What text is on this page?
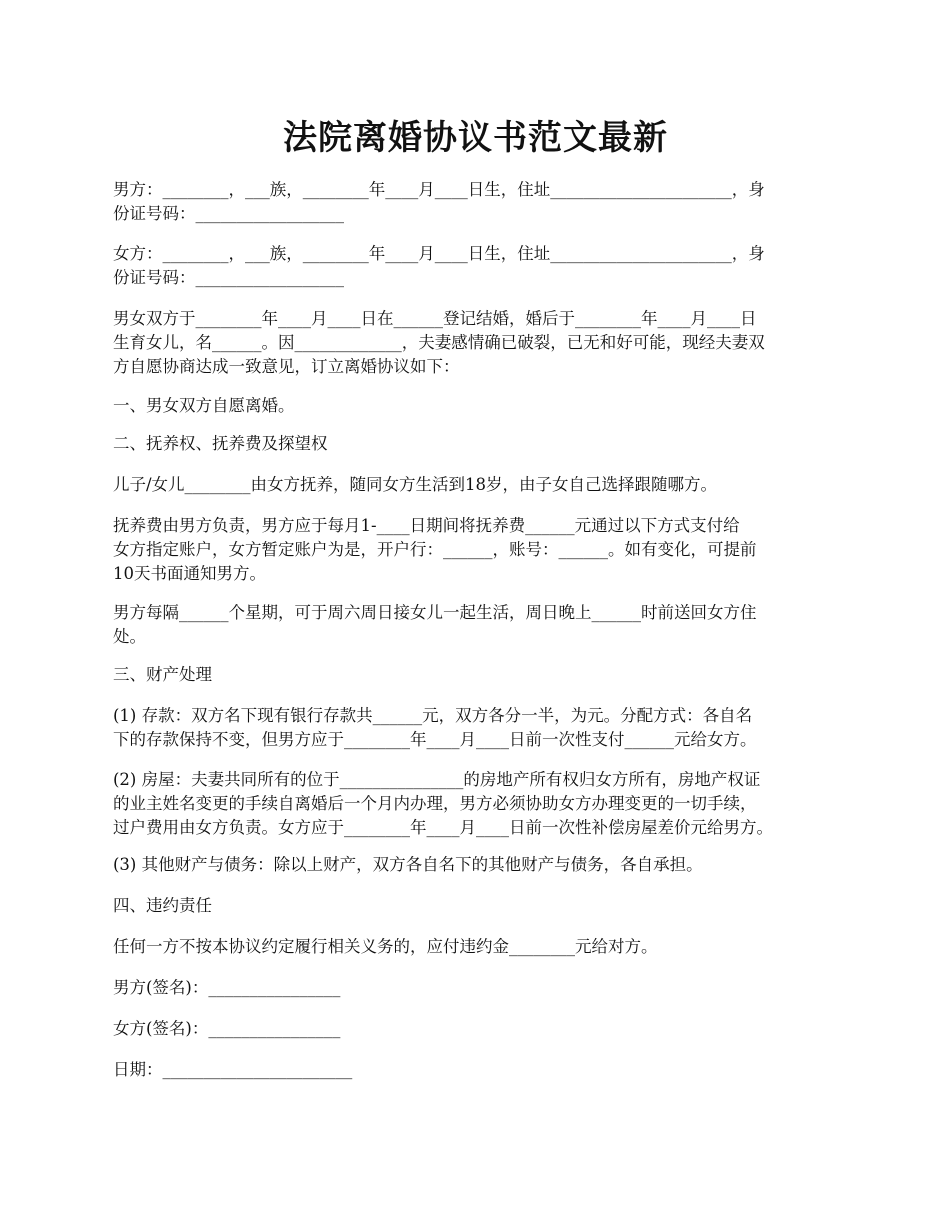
法院离婚协议书范文最新
男方：________，___族，________年____月____日生，住址______________________，身
份证号码：__________________
女方：________，___族，________年____月____日生，住址______________________，身
份证号码：__________________
男女双方于________年____月____日在______登记结婚，婚后于________年____月____日
生育女儿，名______。因_____________，夫妻感情确已破裂，已无和好可能，现经夫妻双
方自愿协商达成一致意见，订立离婚协议如下：
一、男女双方自愿离婚。
二、抚养权、抚养费及探望权
儿子/女儿________由女方抚养，随同女方生活到18岁，由子女自己选择跟随哪方。
抚养费由男方负责，男方应于每月1-____日期间将抚养费______元通过以下方式支付给
女方指定账户，女方暂定账户为是，开户行：______，账号：______。如有变化，可提前
10天书面通知男方。
男方每隔______个星期，可于周六周日接女儿一起生活，周日晚上______时前送回女方住
处。
三、财产处理
(1) 存款：双方名下现有银行存款共______元，双方各分一半，为元。分配方式：各自名
下的存款保持不变，但男方应于________年____月____日前一次性支付______元给女方。
(2) 房屋：夫妻共同所有的位于_______________的房地产所有权归女方所有，房地产权证
的业主姓名变更的手续自离婚后一个月内办理，男方必须协助女方办理变更的一切手续，
过户费用由女方负责。女方应于________年____月____日前一次性补偿房屋差价元给男方。
(3) 其他财产与债务：除以上财产，双方各自名下的其他财产与债务，各自承担。
四、违约责任
任何一方不按本协议约定履行相关义务的，应付违约金________元给对方。
男方(签名)：________________
女方(签名)：________________
日期：_______________________
